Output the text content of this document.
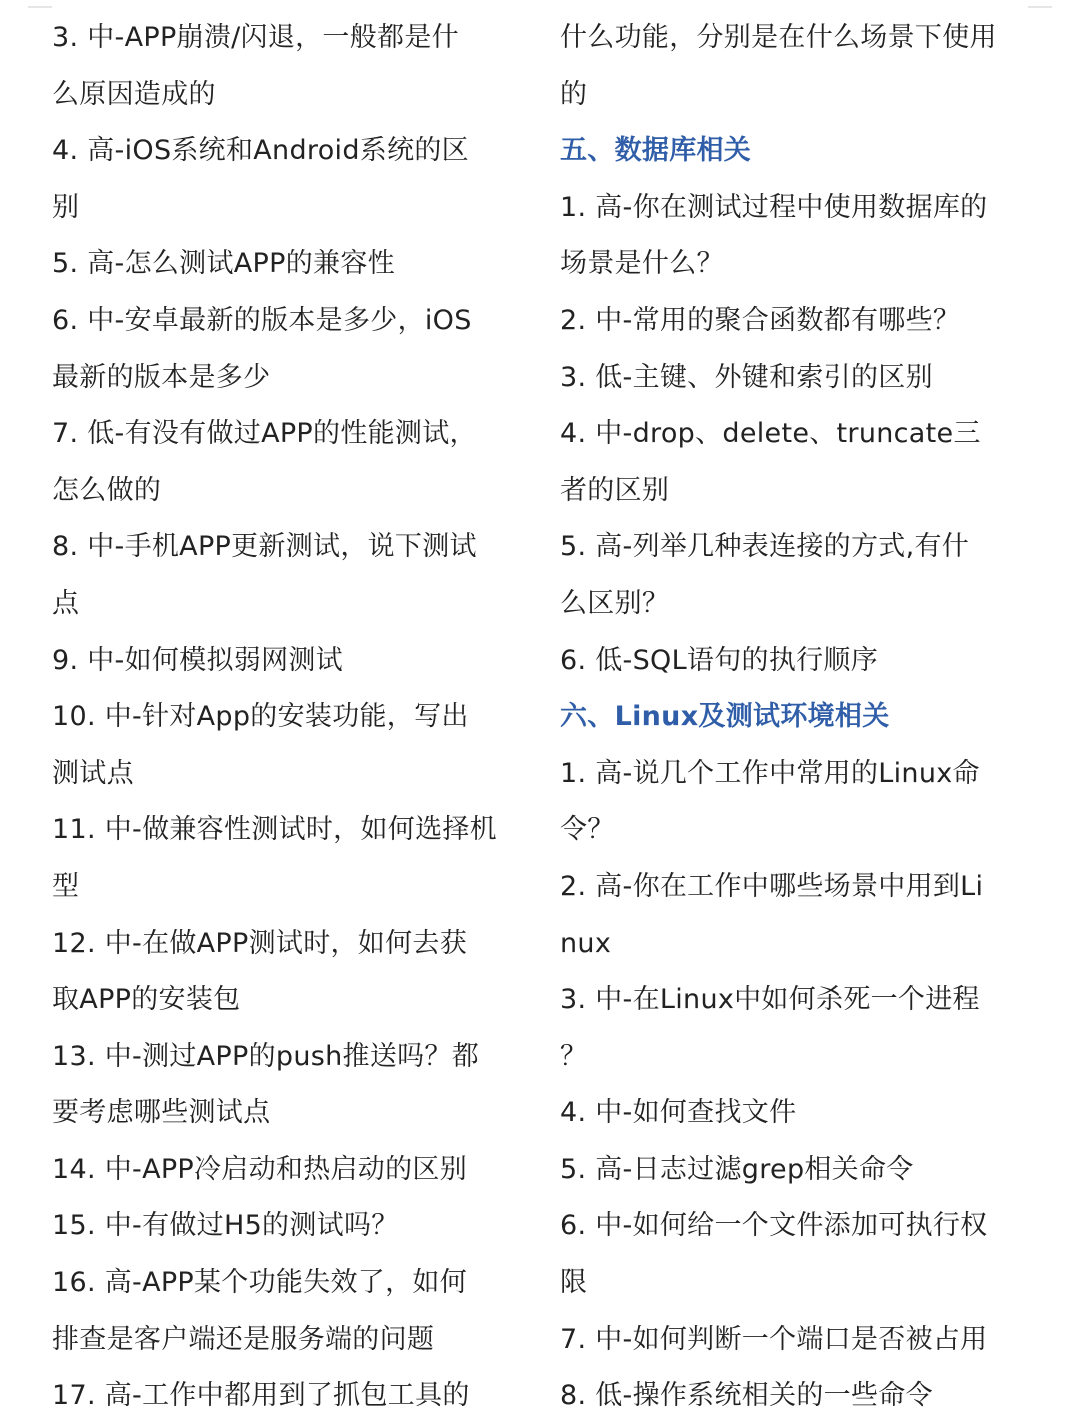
3. 中-APP崩溃/闪退，一般都是什
么原因造成的
4. 高-iOS系统和Android系统的区
别
5. 高-怎么测试APP的兼容性
6. 中-安卓最新的版本是多少，iOS
最新的版本是多少
7. 低-有没有做过APP的性能测试，
怎么做的
8. 中-手机APP更新测试，说下测试
点
9. 中-如何模拟弱网测试
10. 中-针对App的安装功能，写出
测试点
11. 中-做兼容性测试时，如何选择机
型
12. 中-在做APP测试时，如何去获
取APP的安装包
13. 中-测过APP的push推送吗？都
要考虑哪些测试点
14. 中-APP冷启动和热启动的区别
15. 中-有做过H5的测试吗？
16. 高-APP某个功能失效了，如何
排查是客户端还是服务端的问题
17. 高-工作中都用到了抓包工具的
什么功能，分别是在什么场景下使用
的
五、数据库相关
1. 高-你在测试过程中使用数据库的
场景是什么？
2. 中-常用的聚合函数都有哪些？
3. 低-主键、外键和索引的区别
4. 中-drop、delete、truncate三
者的区别
5. 高-列举几种表连接的方式,有什
么区别？
6. 低-SQL语句的执行顺序
六、Linux及测试环境相关
1. 高-说几个工作中常用的Linux命
令？
2. 高-你在工作中哪些场景中用到Li
nux
3. 中-在Linux中如何杀死一个进程
？
4. 中-如何查找文件
5. 高-日志过滤grep相关命令
6. 中-如何给一个文件添加可执行权
限
7. 中-如何判断一个端口是否被占用
8. 低-操作系统相关的一些命令
